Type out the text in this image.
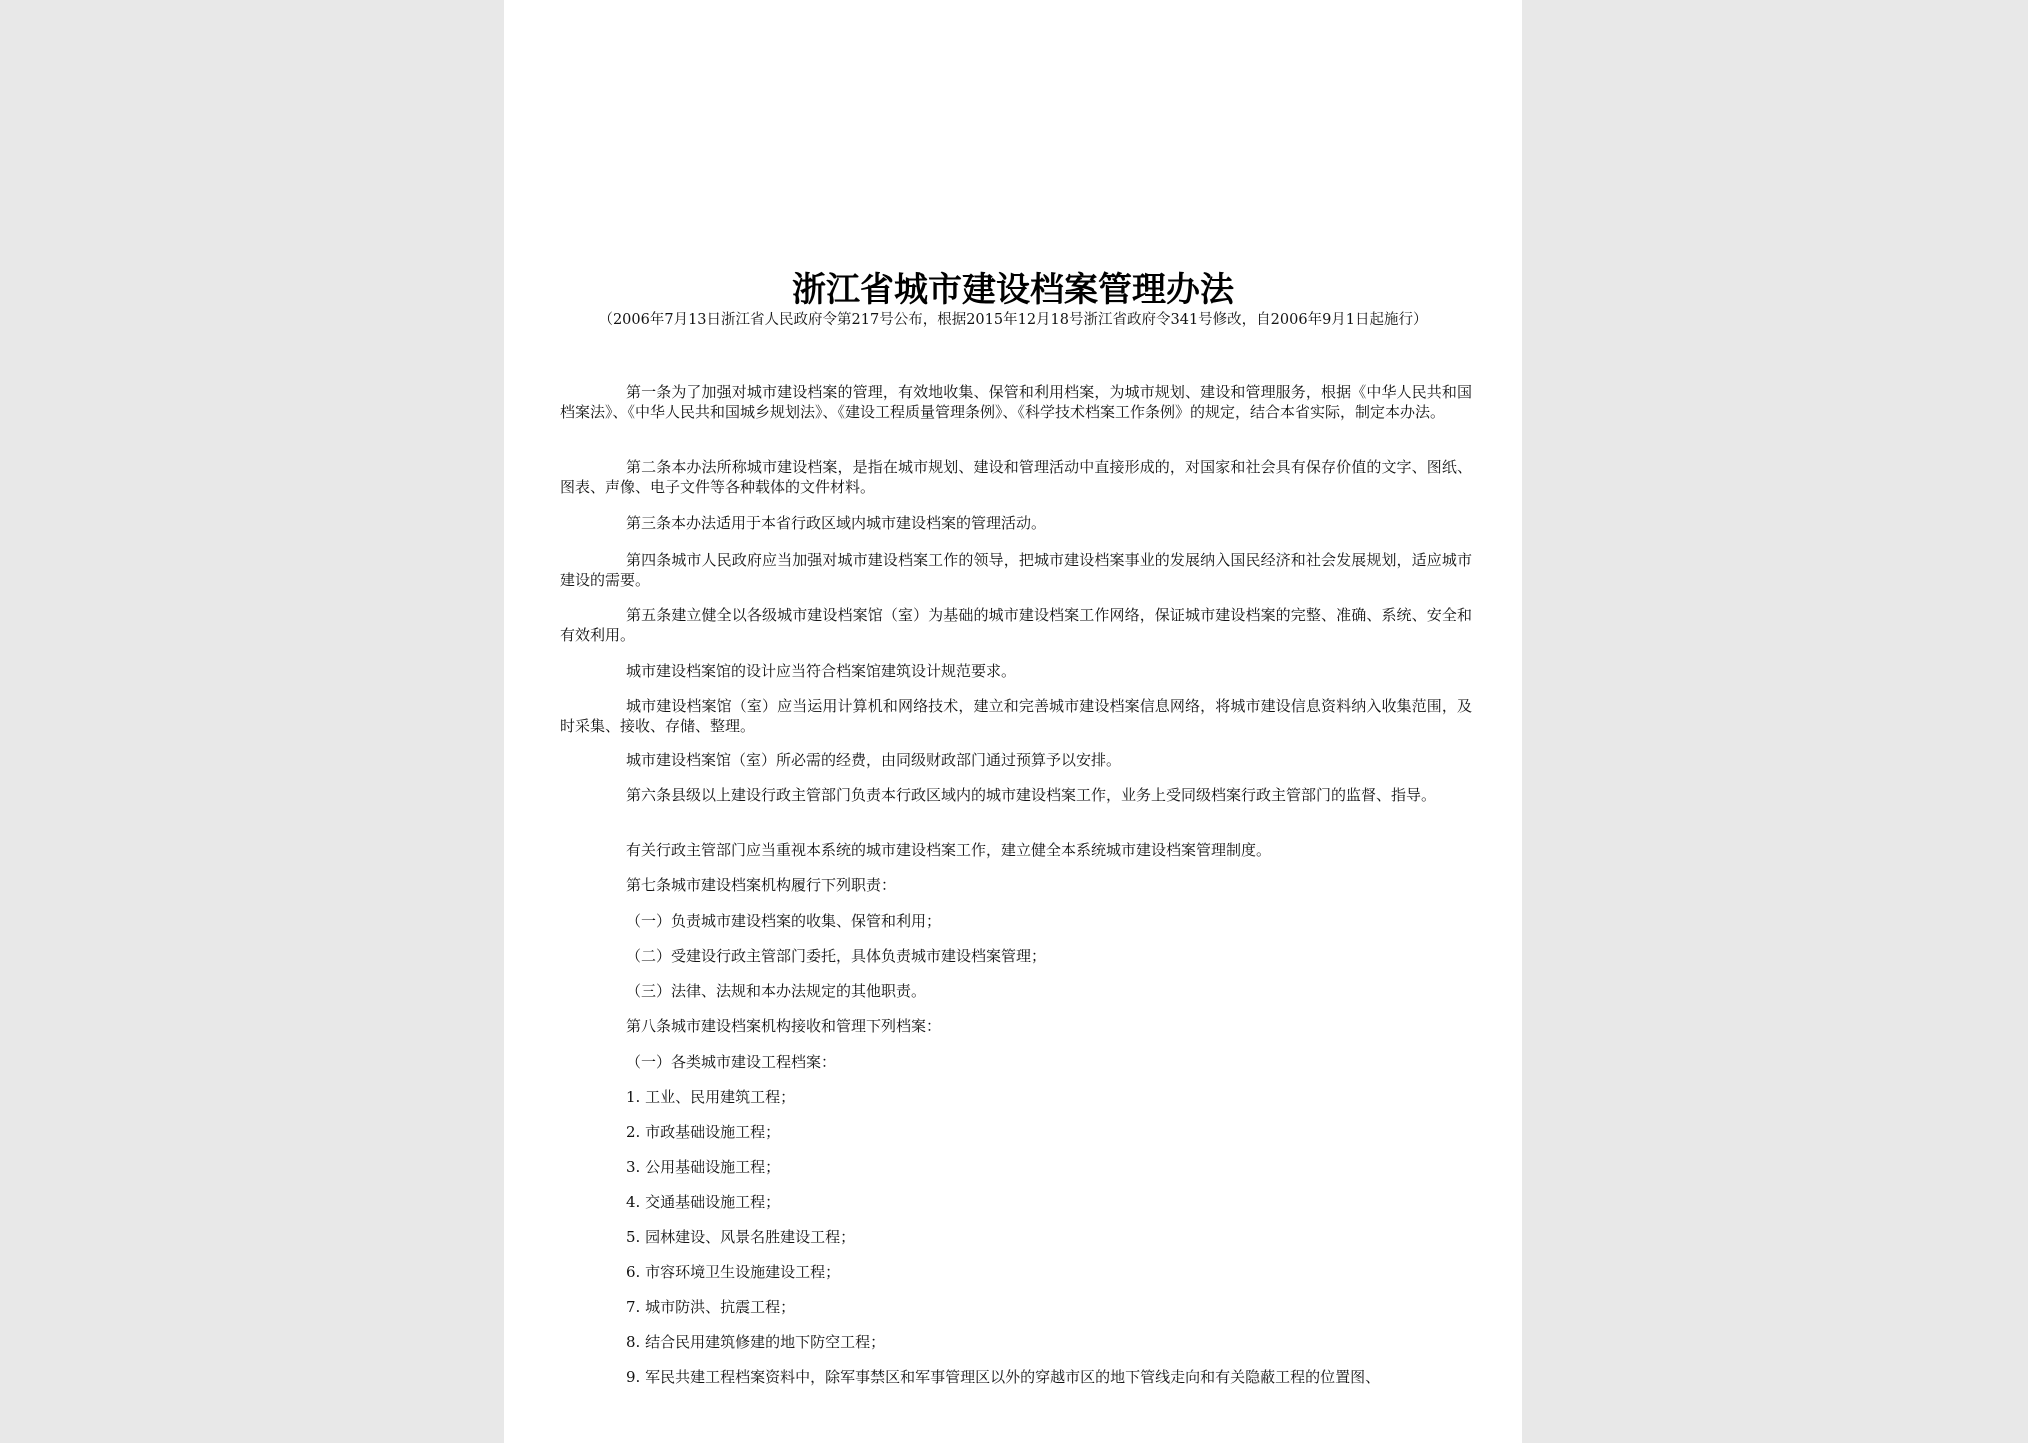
浙江省城市建设档案管理办法
（2006年7月13日浙江省人民政府令第217号公布，根据2015年12月18号浙江省政府令341号修改，自2006年9月1日起施行）

第一条为了加强对城市建设档案的管理，有效地收集、保管和利用档案，为城市规划、建设和管理服务，根据《中华人民共和国档案法》、《中华人民共和国城乡规划法》、《建设工程质量管理条例》、《科学技术档案工作条例》的规定，结合本省实际，制定本办法。

第二条本办法所称城市建设档案，是指在城市规划、建设和管理活动中直接形成的，对国家和社会具有保存价值的文字、图纸、图表、声像、电子文件等各种载体的文件材料。

第三条本办法适用于本省行政区域内城市建设档案的管理活动。

第四条城市人民政府应当加强对城市建设档案工作的领导，把城市建设档案事业的发展纳入国民经济和社会发展规划，适应城市建设的需要。

第五条建立健全以各级城市建设档案馆（室）为基础的城市建设档案工作网络，保证城市建设档案的完整、准确、系统、安全和有效利用。

城市建设档案馆的设计应当符合档案馆建筑设计规范要求。

城市建设档案馆（室）应当运用计算机和网络技术，建立和完善城市建设档案信息网络，将城市建设信息资料纳入收集范围，及时采集、接收、存储、整理。

城市建设档案馆（室）所必需的经费，由同级财政部门通过预算予以安排。

第六条县级以上建设行政主管部门负责本行政区域内的城市建设档案工作，业务上受同级档案行政主管部门的监督、指导。

有关行政主管部门应当重视本系统的城市建设档案工作，建立健全本系统城市建设档案管理制度。

第七条城市建设档案机构履行下列职责：

（一）负责城市建设档案的收集、保管和利用；

（二）受建设行政主管部门委托，具体负责城市建设档案管理；

（三）法律、法规和本办法规定的其他职责。

第八条城市建设档案机构接收和管理下列档案：

（一）各类城市建设工程档案：

1. 工业、民用建筑工程；

2. 市政基础设施工程；

3. 公用基础设施工程；

4. 交通基础设施工程；

5. 园林建设、风景名胜建设工程；

6. 市容环境卫生设施建设工程；

7. 城市防洪、抗震工程；

8. 结合民用建筑修建的地下防空工程；

9. 军民共建工程档案资料中，除军事禁区和军事管理区以外的穿越市区的地下管线走向和有关隐蔽工程的位置图、
